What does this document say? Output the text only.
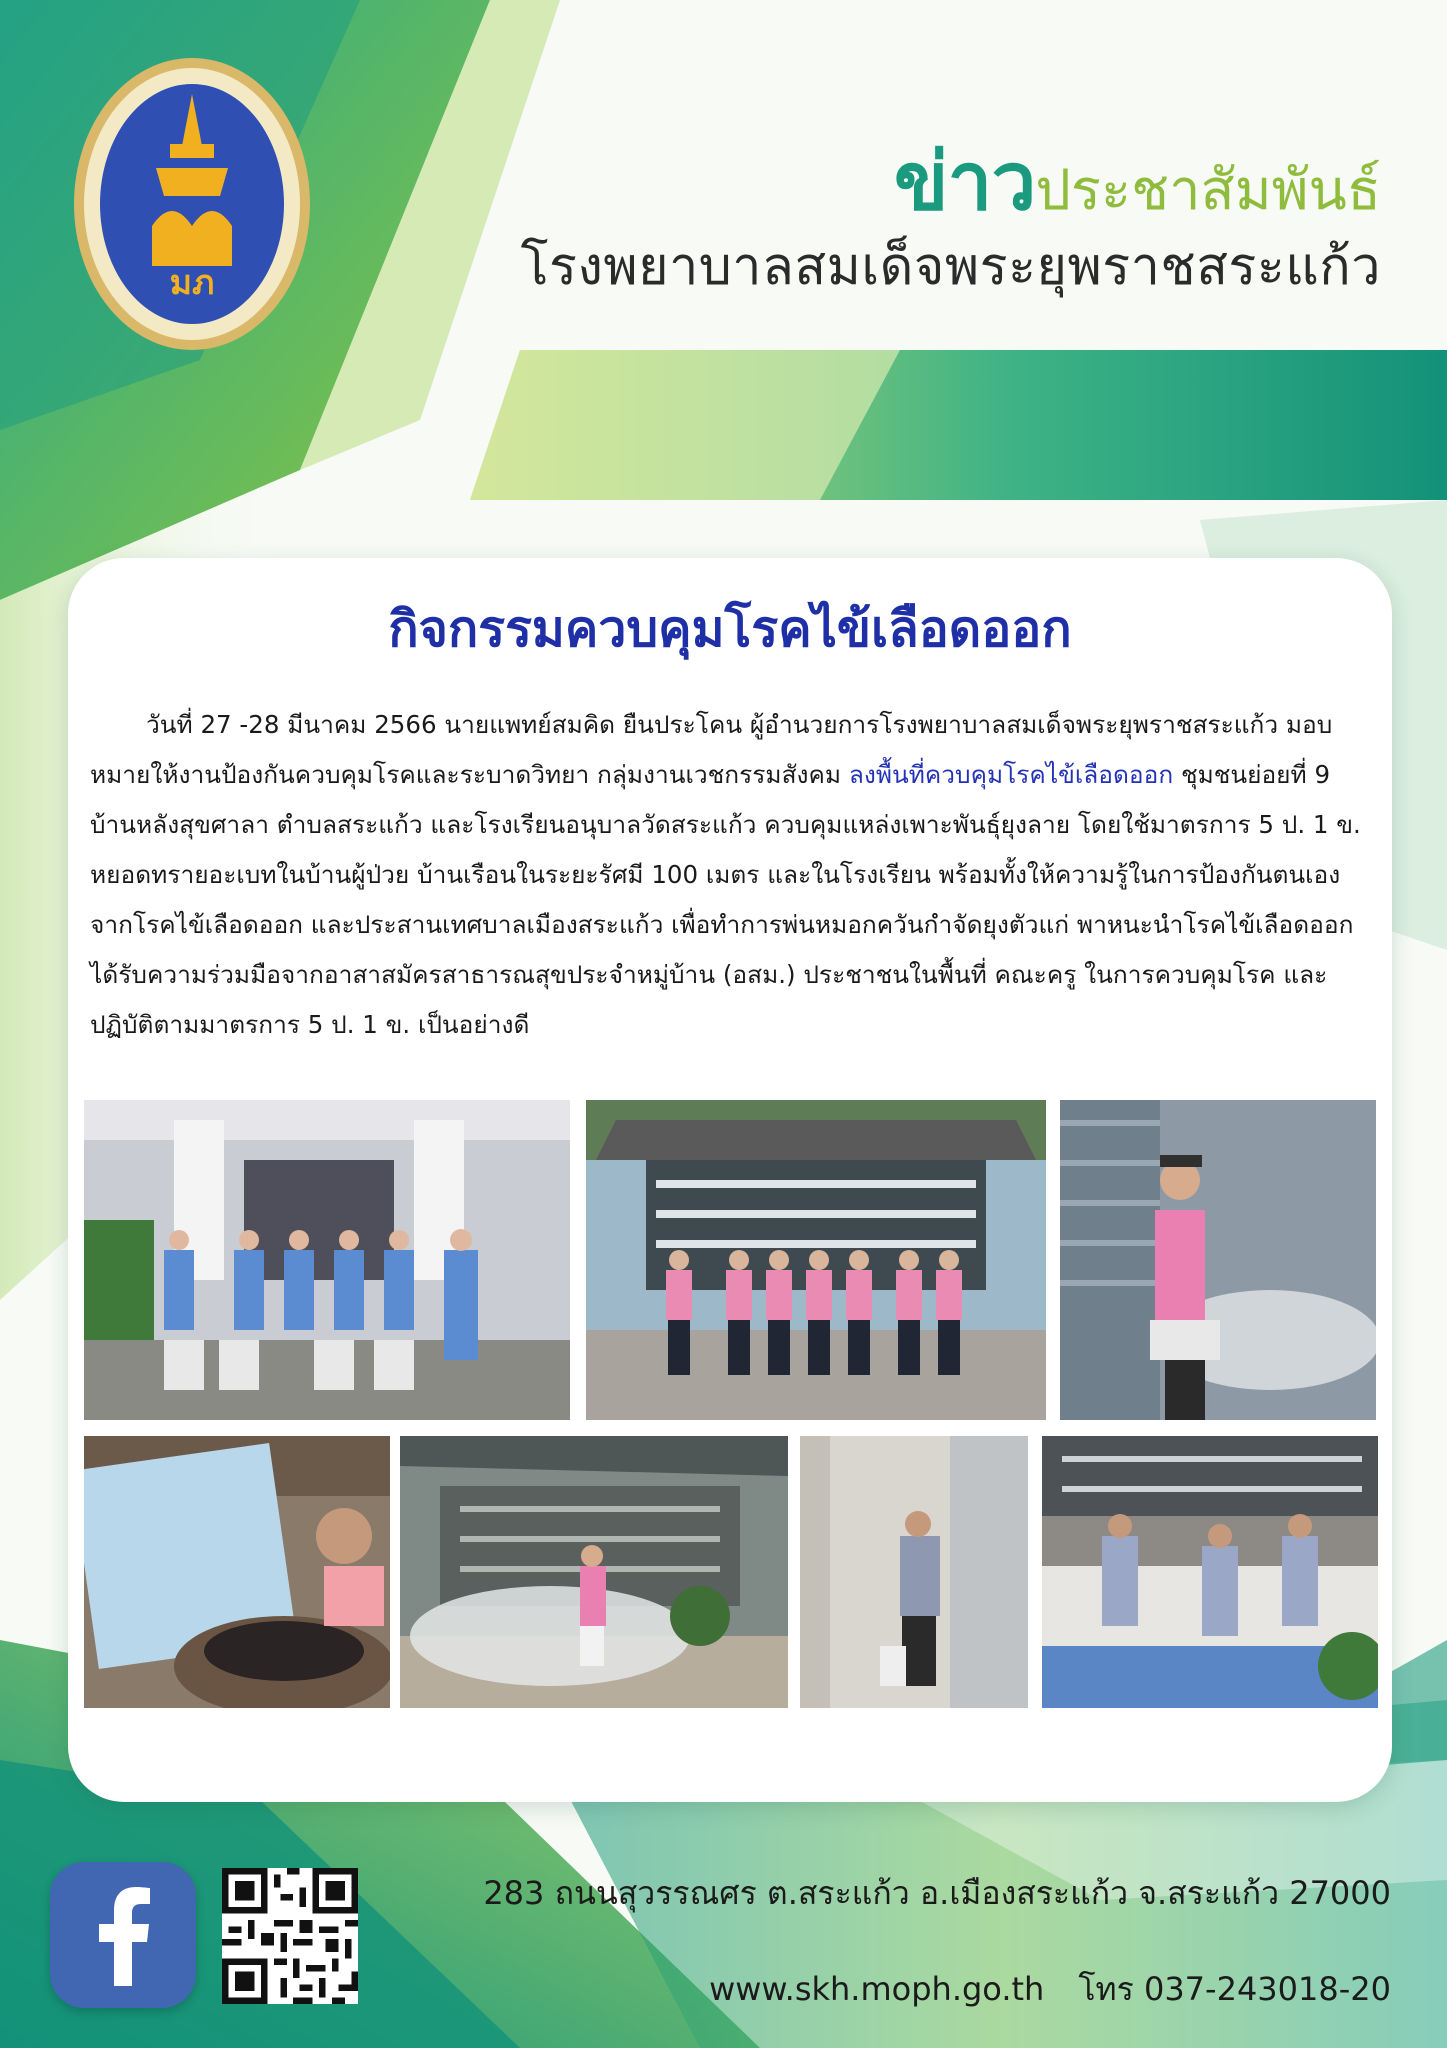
มภ
ข่าวประชาสัมพันธ์
โรงพยาบาลสมเด็จพระยุพราชสระแก้ว
กิจกรรมควบคุมโรคไข้เลือดออก
วันที่ 27 -28 มีนาคม 2566 นายแพทย์สมคิด ยืนประโคน ผู้อำนวยการโรงพยาบาลสมเด็จพระยุพราชสระแก้ว มอบหมายให้งานป้องกันควบคุมโรคและระบาดวิทยา กลุ่มงานเวชกรรมสังคม ลงพื้นที่ควบคุมโรคไข้เลือดออก ชุมชนย่อยที่ 9 บ้านหลังสุขศาลา ตำบลสระแก้ว และโรงเรียนอนุบาลวัดสระแก้ว ควบคุมแหล่งเพาะพันธุ์ยุงลาย โดยใช้มาตรการ 5 ป. 1 ข. หยอดทรายอะเบทในบ้านผู้ป่วย บ้านเรือนในระยะรัศมี 100 เมตร และในโรงเรียน พร้อมทั้งให้ความรู้ในการป้องกันตนเอง จากโรคไข้เลือดออก และประสานเทศบาลเมืองสระแก้ว เพื่อทำการพ่นหมอกควันกำจัดยุงตัวแก่ พาหนะนำโรคไข้เลือดออก ได้รับความร่วมมือจากอาสาสมัครสาธารณสุขประจำหมู่บ้าน (อสม.) ประชาชนในพื้นที่ คณะครู ในการควบคุมโรค และปฏิบัติตามมาตรการ 5 ป. 1 ข. เป็นอย่างดี
283 ถนนสุวรรณศร ต.สระแก้ว อ.เมืองสระแก้ว จ.สระแก้ว 27000
www.skh.moph.go.th โทร 037-243018-20
